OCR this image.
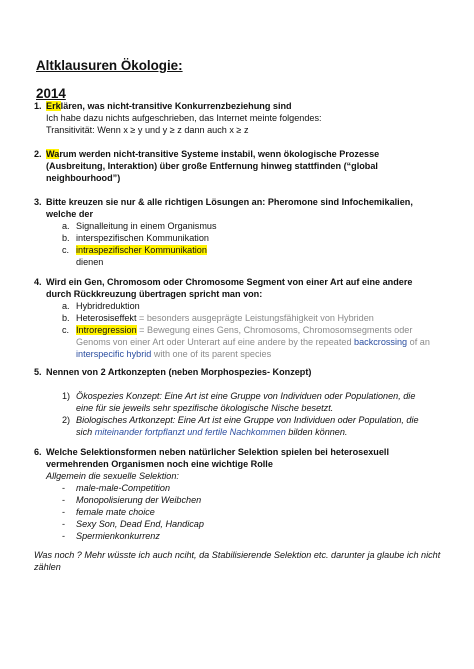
Altklausuren Ökologie:
2014
1. Erklären, was nicht-transitive Konkurrenzbeziehung sind
Ich habe dazu nichts aufgeschrieben, das Internet meinte folgendes:
Transitivität: Wenn x ≥ y und y ≥ z dann auch x ≥ z
2. Warum werden nicht-transitive Systeme instabil, wenn ökologische Prozesse
(Ausbreitung, Interaktion) über große Entfernung hinweg stattfinden (“global
neighbourhood”)
3. Bitte kreuzen sie nur & alle richtigen Lösungen an: Pheromone sind Infochemikalien,
welche der
a. Signalleitung in einem Organismus
b. interspezifischen Kommunikation
c. intraspezifischer Kommunikation
dienen
4. Wird ein Gen, Chromosom oder Chromosome Segment von einer Art auf eine andere
durch Rückkreuzung übertragen spricht man von:
a. Hybridreduktion
b. Heterosiseffekt = besonders ausgeprägte Leistungsfähigkeit von Hybriden
c. Introregression = Bewegung eines Gens, Chromosoms, Chromosomsegments oder
Genoms von einer Art oder Unterart auf eine andere by the repeated backcrossing of an
interspecific hybrid with one of its parent species
5. Nennen von 2 Artkonzepten (neben Morphospezies- Konzept)
1) Ökospezies Konzept: Eine Art ist eine Gruppe von Individuen oder Populationen, die
eine für sie jeweils sehr spezifische ökologische Nische besetzt.
2) Biologisches Artkonzept: Eine Art ist eine Gruppe von Individuen oder Population, die
sich miteinander fortpflanzt und fertile Nachkommen bilden können.
6. Welche Selektionsformen neben natürlicher Selektion spielen bei heterosexuell
vermehrenden Organismen noch eine wichtige Rolle
Allgemein die sexuelle Selektion:
- male-male-Competition
- Monopolisierung der Weibchen
- female mate choice
- Sexy Son, Dead End, Handicap
- Spermienkonkurrenz
Was noch ? Mehr wüsste ich auch nciht, da Stabilisierende Selektion etc. darunter ja glaube ich nicht
zählen
